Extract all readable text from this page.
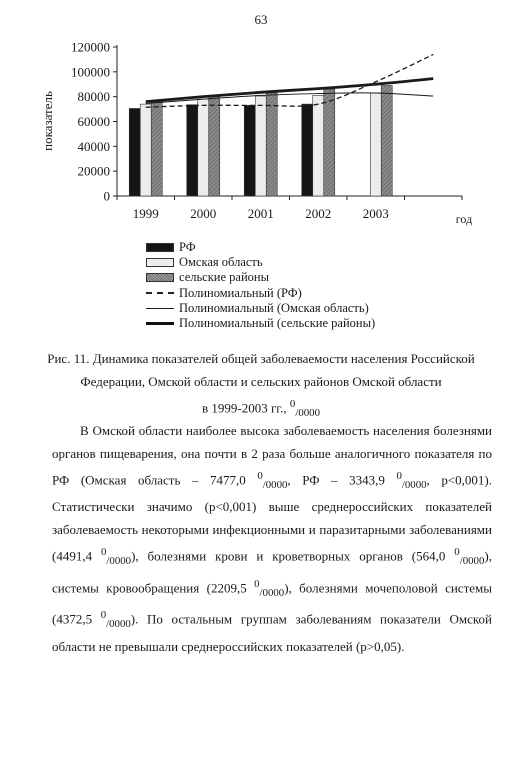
63
0
20000
40000
60000
80000
100000
120000
показатель
год
1999 2000 2001 2002 2003
РФ
Омская область
сельские районы
Полиномиальный (РФ)
Полиномиальный (Омская область)
Полиномиальный (сельские районы)
Рис. 11. Динамика показателей общей заболеваемости населения Российской
Федерации, Омской области и сельских районов Омской области
в 1999-2003 гг., $^0_{/0000}$

В Омской области наиболее высока заболеваемость населения болезнями органов пищеварения, она почти в 2 раза больше аналогичного показателя по РФ (Омская область – 7477,0 $^0_{/0000}$, РФ – 3343,9 $^0_{/0000}$, p<0,001). Статистически значимо (p<0,001) выше среднероссийских показателей заболеваемость некоторыми инфекционными и паразитарными заболеваниями (4491,4 $^0_{/0000}$), болезнями крови и кроветворных органов (564,0 $^0_{/0000}$), системы кровообращения (2209,5 $^0_{/0000}$), болезнями мочеполовой системы (4372,5 $^0_{/0000}$). По остальным группам заболеваниям показатели Омской области не превышали среднероссийских показателей (p>0,05).
